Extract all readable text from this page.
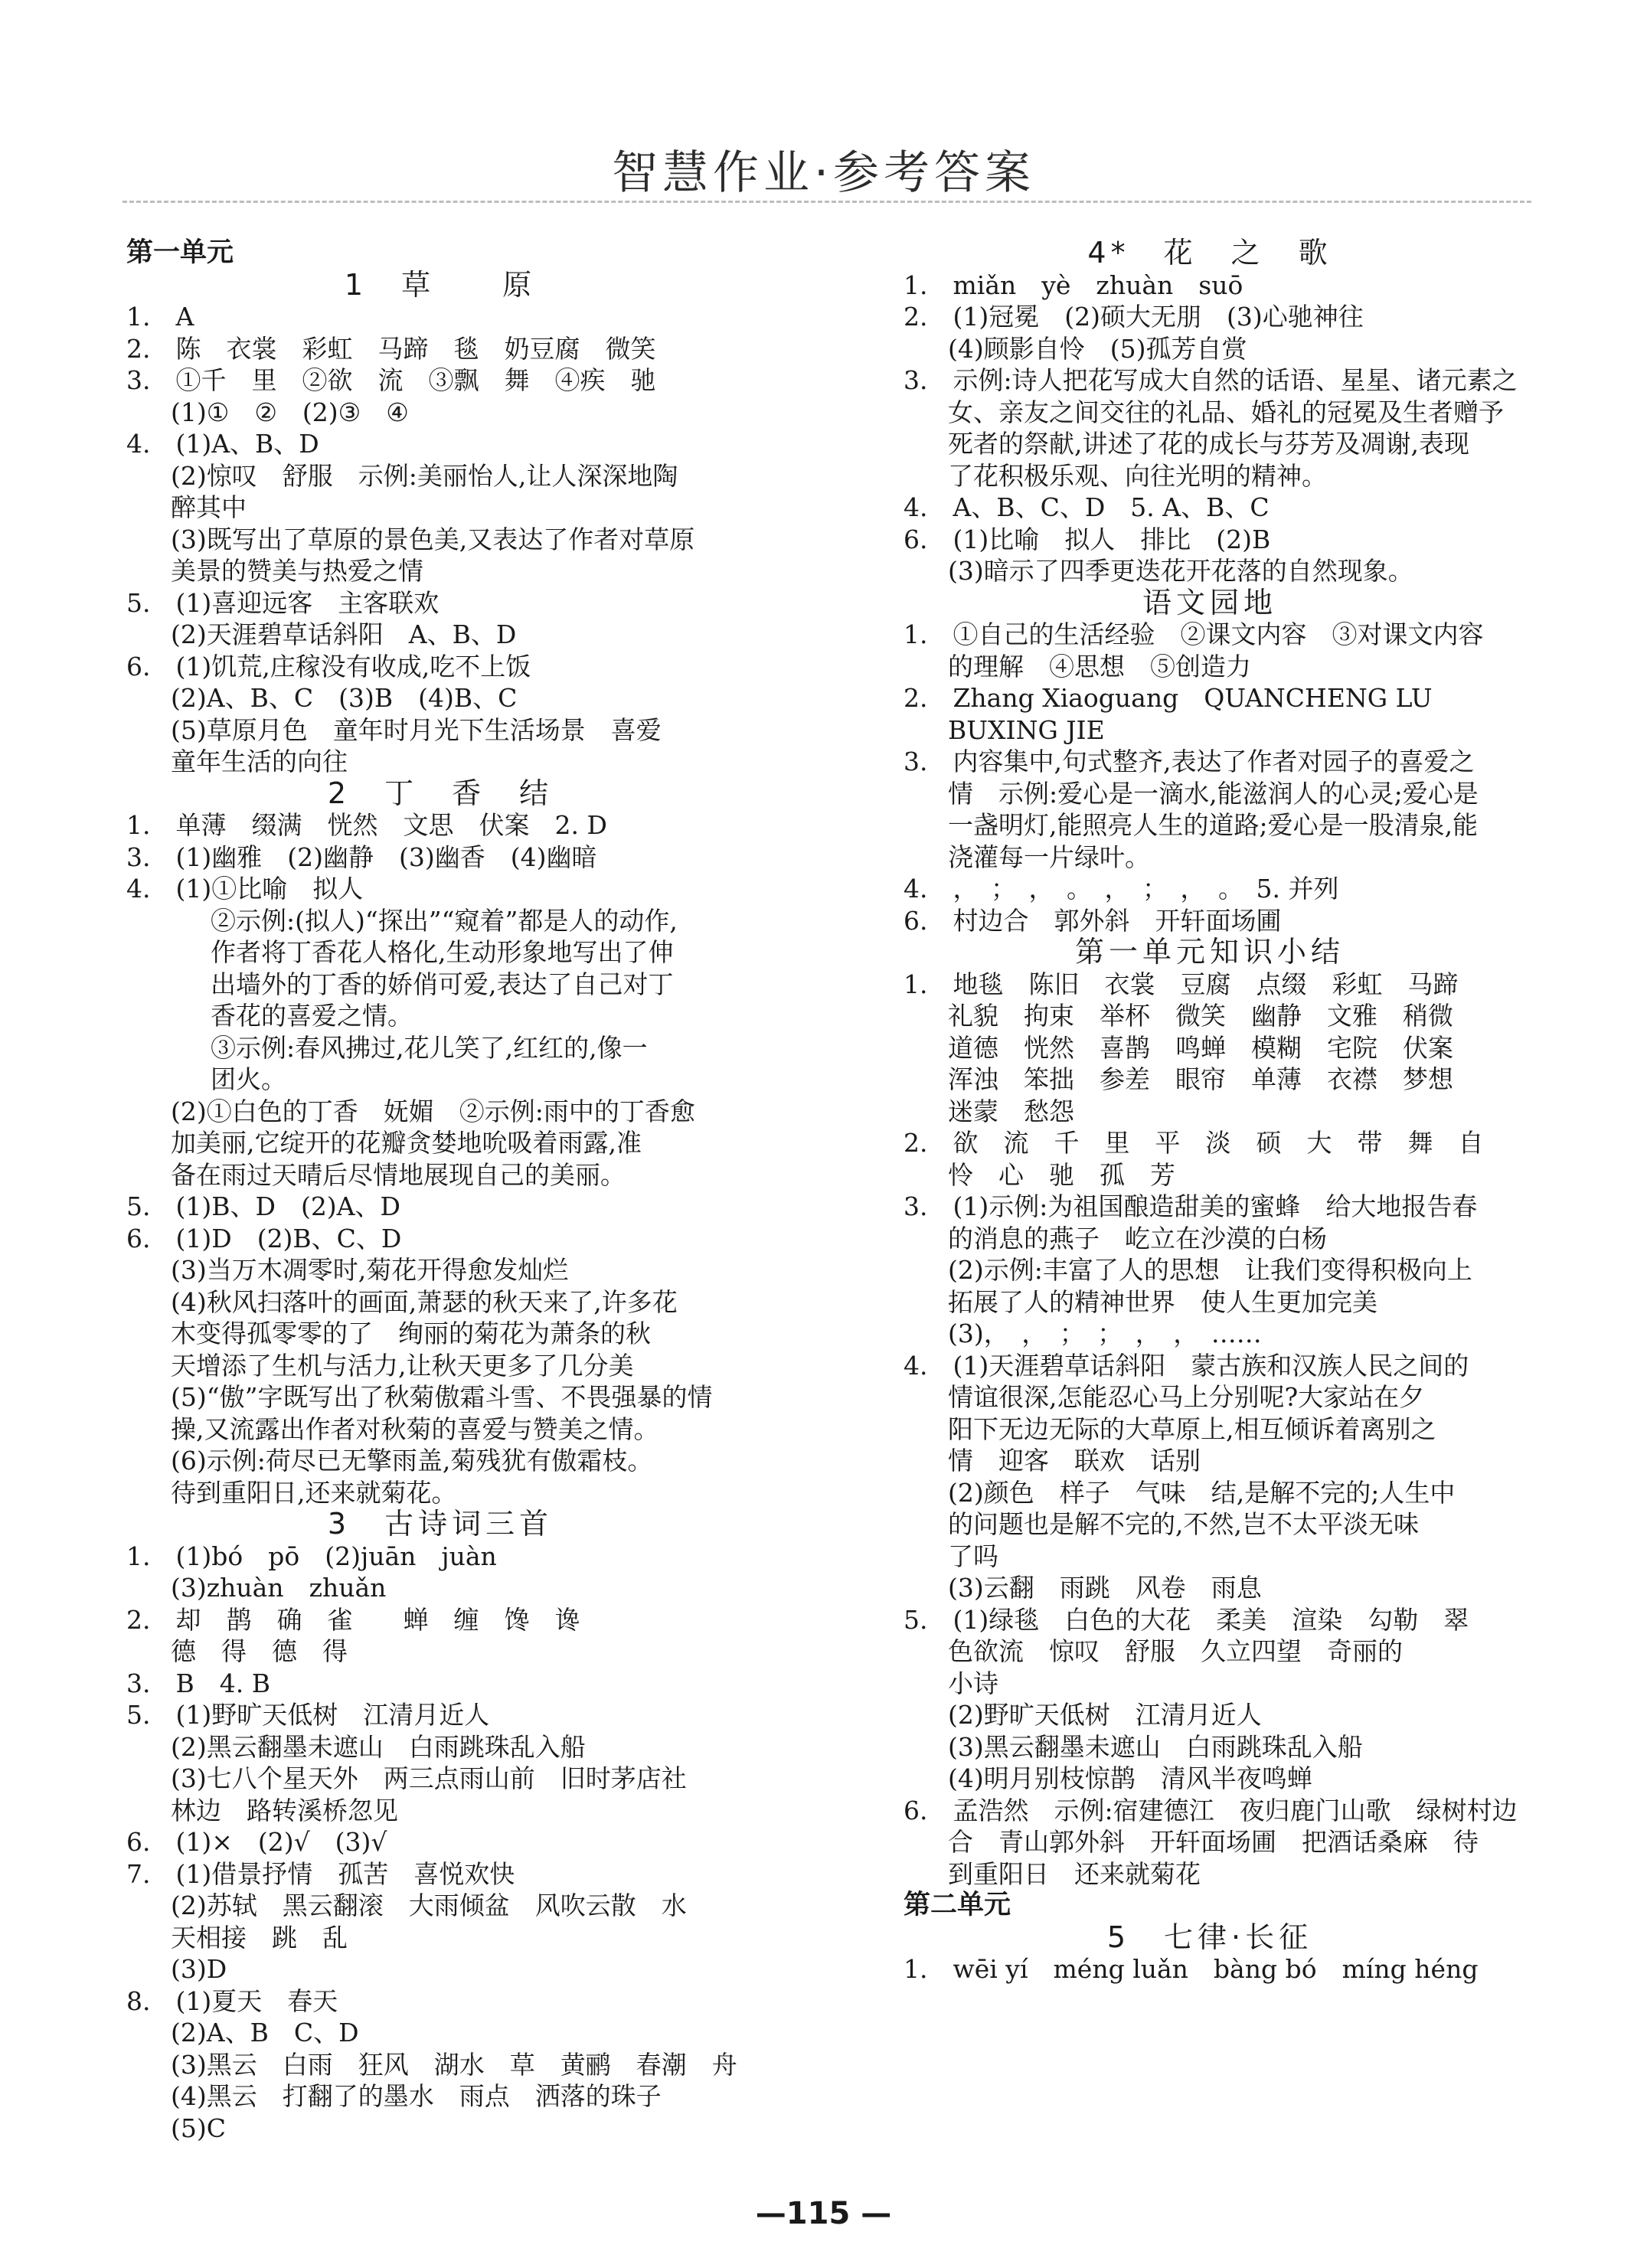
智慧作业·参考答案
第一单元
1　草　　原
1.　A
2.　陈　衣裳　彩虹　马蹄　毯　奶豆腐　微笑
3.　①千　里　②欲　流　③飘　舞　④疾　驰
(1)①　②　(2)③　④
4.　(1)A、B、D
(2)惊叹　舒服　示例:美丽怡人,让人深深地陶
醉其中
(3)既写出了草原的景色美,又表达了作者对草原
美景的赞美与热爱之情
5.　(1)喜迎远客　主客联欢
(2)天涯碧草话斜阳　A、B、D
6.　(1)饥荒,庄稼没有收成,吃不上饭
(2)A、B、C　(3)B　(4)B、C
(5)草原月色　童年时月光下生活场景　喜爱
童年生活的向往
2　丁　香　结
1.　单薄　缀满　恍然　文思　伏案　2. D
3.　(1)幽雅　(2)幽静　(3)幽香　(4)幽暗
4.　(1)①比喻　拟人
②示例:(拟人)“探出”“窥着”都是人的动作,
作者将丁香花人格化,生动形象地写出了伸
出墙外的丁香的娇俏可爱,表达了自己对丁
香花的喜爱之情。
③示例:春风拂过,花儿笑了,红红的,像一
团火。
(2)①白色的丁香　妩媚　②示例:雨中的丁香愈
加美丽,它绽开的花瓣贪婪地吮吸着雨露,准
备在雨过天晴后尽情地展现自己的美丽。
5.　(1)B、D　(2)A、D
6.　(1)D　(2)B、C、D
(3)当万木凋零时,菊花开得愈发灿烂
(4)秋风扫落叶的画面,萧瑟的秋天来了,许多花
木变得孤零零的了　绚丽的菊花为萧条的秋
天增添了生机与活力,让秋天更多了几分美
(5)“傲”字既写出了秋菊傲霜斗雪、不畏强暴的情
操,又流露出作者对秋菊的喜爱与赞美之情。
(6)示例:荷尽已无擎雨盖,菊残犹有傲霜枝。
待到重阳日,还来就菊花。
3　古诗词三首
1.　(1)bó　pō　(2)juān　juàn
(3)zhuàn　zhuǎn
2.　却　鹊　确　雀　　蝉　缠　馋　谗
德　得　德　得
3.　B　4. B
5.　(1)野旷天低树　江清月近人
(2)黑云翻墨未遮山　白雨跳珠乱入船
(3)七八个星天外　两三点雨山前　旧时茅店社
林边　路转溪桥忽见
6.　(1)×　(2)√　(3)√
7.　(1)借景抒情　孤苦　喜悦欢快
(2)苏轼　黑云翻滚　大雨倾盆　风吹云散　水
天相接　跳　乱
(3)D
8.　(1)夏天　春天
(2)A、B　C、D
(3)黑云　白雨　狂风　湖水　草　黄鹂　春潮　舟
(4)黑云　打翻了的墨水　雨点　洒落的珠子
(5)C
4*　花　之　歌
1.　miǎn　yè　zhuàn　suō
2.　(1)冠冕　(2)硕大无朋　(3)心驰神往
(4)顾影自怜　(5)孤芳自赏
3.　示例:诗人把花写成大自然的话语、星星、诸元素之
女、亲友之间交往的礼品、婚礼的冠冕及生者赠予
死者的祭献,讲述了花的成长与芬芳及凋谢,表现
了花积极乐观、向往光明的精神。
4.　A、B、C、D　5. A、B、C
6.　(1)比喻　拟人　排比　(2)B
(3)暗示了四季更迭花开花落的自然现象。
语文园地
1.　①自己的生活经验　②课文内容　③对课文内容
的理解　④思想　⑤创造力
2.　Zhang Xiaoguang　QUANCHENG LU
BUXING JIE
3.　内容集中,句式整齐,表达了作者对园子的喜爱之
情　示例:爱心是一滴水,能滋润人的心灵;爱心是
一盏明灯,能照亮人生的道路;爱心是一股清泉,能
浇灌每一片绿叶。
4.　，　；　，　。　，　；　，　。　5. 并列
6.　村边合　郭外斜　开轩面场圃
第一单元知识小结
1.　地毯　陈旧　衣裳　豆腐　点缀　彩虹　马蹄
礼貌　拘束　举杯　微笑　幽静　文雅　稍微
道德　恍然　喜鹊　鸣蝉　模糊　宅院　伏案
浑浊　笨拙　参差　眼帘　单薄　衣襟　梦想
迷蒙　愁怨
2.　欲　流　千　里　平　淡　硕　大　带　舞　自
怜　心　驰　孤　芳
3.　(1)示例:为祖国酿造甜美的蜜蜂　给大地报告春
的消息的燕子　屹立在沙漠的白杨
(2)示例:丰富了人的思想　让我们变得积极向上
拓展了人的精神世界　使人生更加完美
(3)，　，　；　；　，　，　……
4.　(1)天涯碧草话斜阳　蒙古族和汉族人民之间的
情谊很深,怎能忍心马上分别呢?大家站在夕
阳下无边无际的大草原上,相互倾诉着离别之
情　迎客　联欢　话别
(2)颜色　样子　气味　结,是解不完的;人生中
的问题也是解不完的,不然,岂不太平淡无味
了吗
(3)云翻　雨跳　风卷　雨息
5.　(1)绿毯　白色的大花　柔美　渲染　勾勒　翠
色欲流　惊叹　舒服　久立四望　奇丽的
小诗
(2)野旷天低树　江清月近人
(3)黑云翻墨未遮山　白雨跳珠乱入船
(4)明月别枝惊鹊　清风半夜鸣蝉
6.　孟浩然　示例:宿建德江　夜归鹿门山歌　绿树村边
合　青山郭外斜　开轩面场圃　把酒话桑麻　待
到重阳日　还来就菊花
第二单元
5　七律·长征
1.　wēi yí　méng luǎn　bàng bó　míng héng
—115 —
